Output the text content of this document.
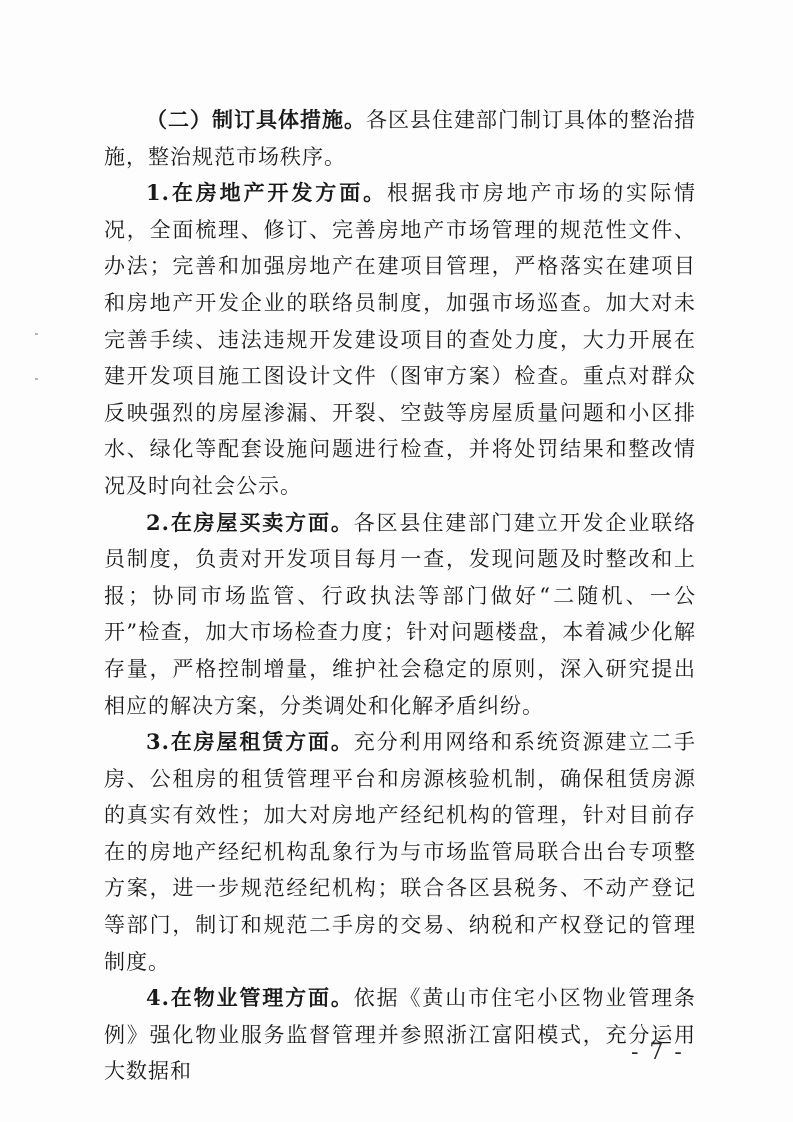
（二）制订具体措施。各区县住建部门制订具体的整治措施，整治规范市场秩序。

1.在房地产开发方面。根据我市房地产市场的实际情况，全面梳理、修订、完善房地产市场管理的规范性文件、办法；完善和加强房地产在建项目管理，严格落实在建项目和房地产开发企业的联络员制度，加强市场巡查。加大对未完善手续、违法违规开发建设项目的查处力度，大力开展在建开发项目施工图设计文件（图审方案）检查。重点对群众反映强烈的房屋渗漏、开裂、空鼓等房屋质量问题和小区排水、绿化等配套设施问题进行检查，并将处罚结果和整改情况及时向社会公示。

2.在房屋买卖方面。各区县住建部门建立开发企业联络员制度，负责对开发项目每月一查，发现问题及时整改和上报；协同市场监管、行政执法等部门做好“二随机、一公开”检查，加大市场检查力度；针对问题楼盘，本着减少化解存量，严格控制增量，维护社会稳定的原则，深入研究提出相应的解决方案，分类调处和化解矛盾纠纷。

3.在房屋租赁方面。充分利用网络和系统资源建立二手房、公租房的租赁管理平台和房源核验机制，确保租赁房源的真实有效性；加大对房地产经纪机构的管理，针对目前存在的房地产经纪机构乱象行为与市场监管局联合出台专项整方案，进一步规范经纪机构；联合各区县税务、不动产登记等部门，制订和规范二手房的交易、纳税和产权登记的管理制度。

4.在物业管理方面。依据《黄山市住宅小区物业管理条例》强化物业服务监督管理并参照浙江富阳模式，充分运用大数据和

- 7 -
